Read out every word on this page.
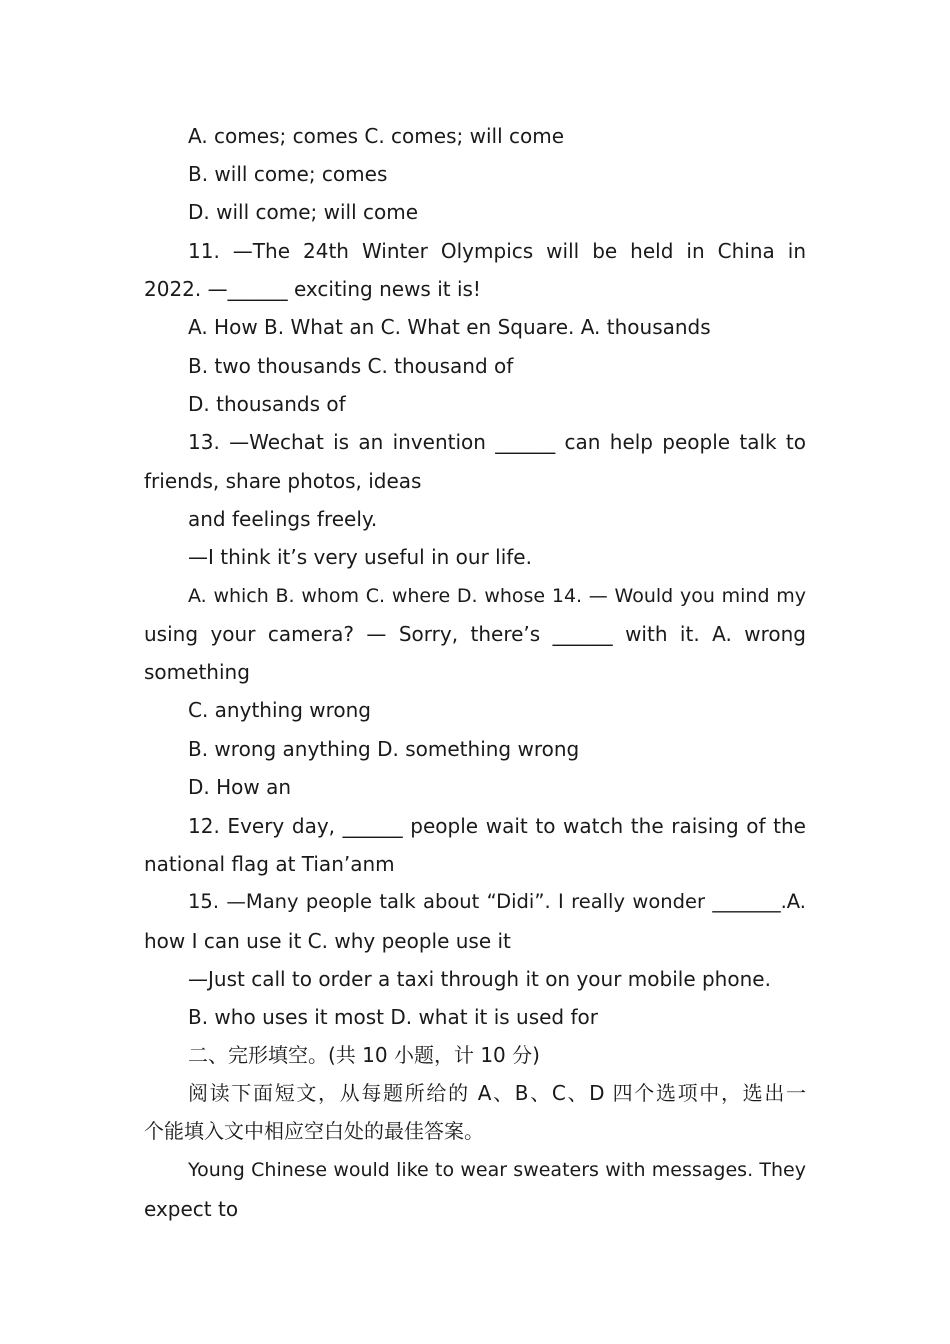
A. comes; comes C. comes; will come
B. will come; comes
D. will come; will come
11. —The 24th Winter Olympics will be held in China in
2022. —______ exciting news it is!
A. How B. What an C. What en Square. A. thousands
B. two thousands C. thousand of
D. thousands of
13. —Wechat is an invention ______ can help people talk to
friends, share photos, ideas
and feelings freely.
—I think it’s very useful in our life.
A. which B. whom C. where D. whose 14. — Would you mind my
using your camera? — Sorry, there’s ______ with it. A. wrong
something
C. anything wrong
B. wrong anything D. something wrong
D. How an
12. Every day, ______ people wait to watch the raising of the
national flag at Tian’anm
15. —Many people talk about “Didi”. I really wonder _______.A.
how I can use it C. why people use it
—Just call to order a taxi through it on your mobile phone.
B. who uses it most D. what it is used for
二、完形填空。(共 10 小题，计 10 分)
阅读下面短文，从每题所给的 A、B、C、D 四个选项中，选出一
个能填入文中相应空白处的最佳答案。
Young Chinese would like to wear sweaters with messages. They
expect to
